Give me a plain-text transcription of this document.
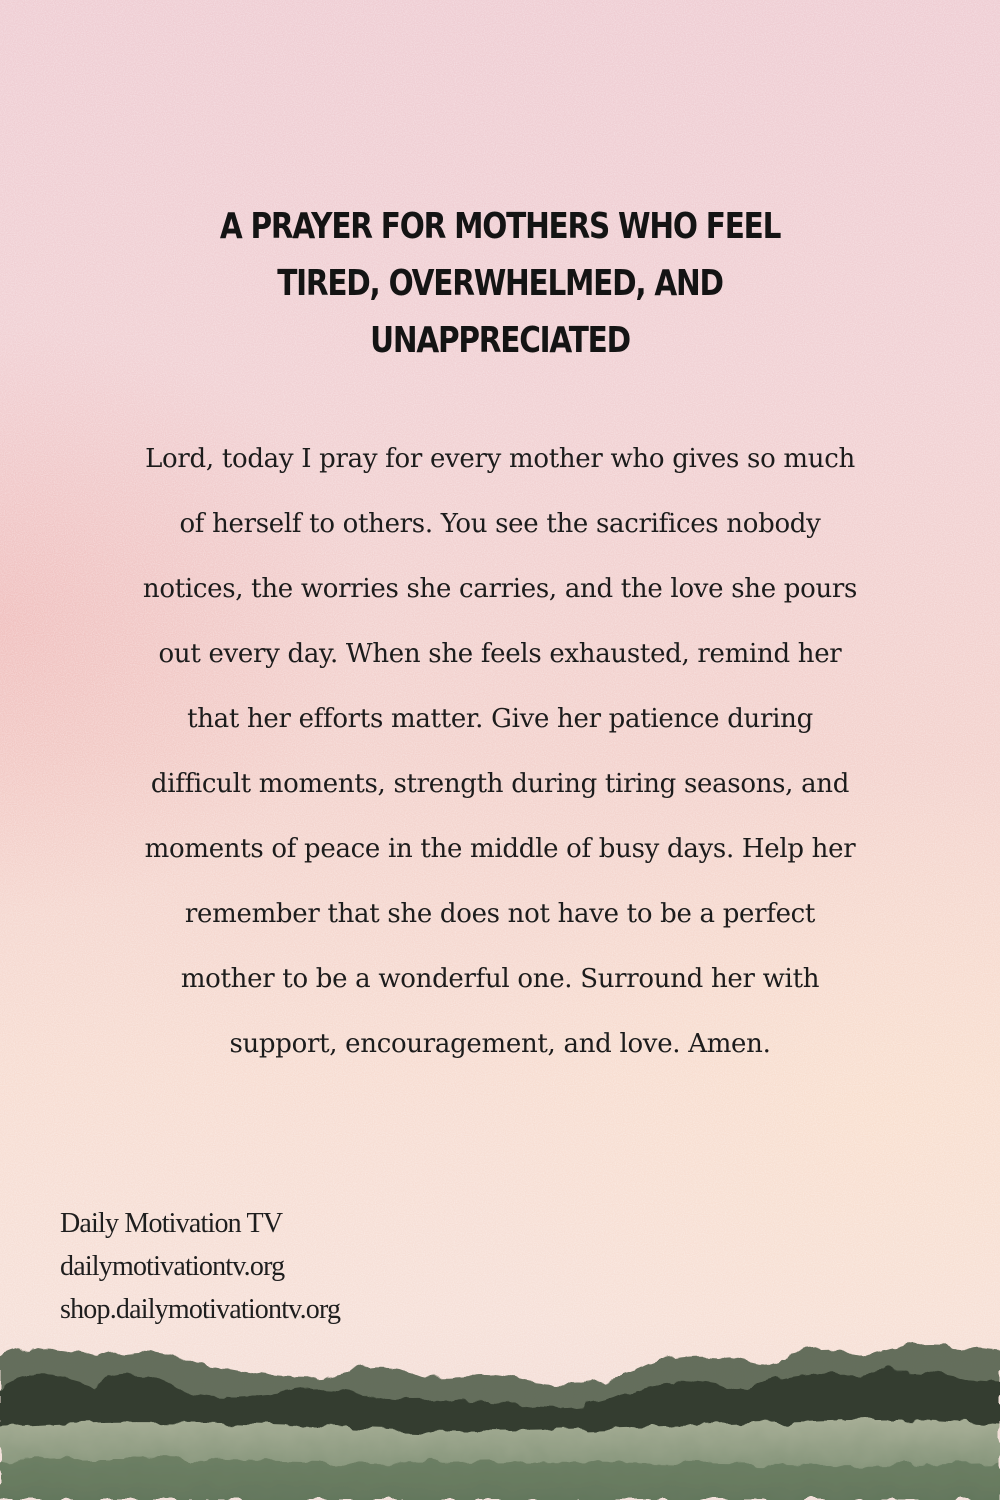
A PRAYER FOR MOTHERS WHO FEEL TIRED, OVERWHELMED, AND UNAPPRECIATED

Lord, today I pray for every mother who gives so much of herself to others. You see the sacrifices nobody notices, the worries she carries, and the love she pours out every day. When she feels exhausted, remind her that her efforts matter. Give her patience during difficult moments, strength during tiring seasons, and moments of peace in the middle of busy days. Help her remember that she does not have to be a perfect mother to be a wonderful one. Surround her with support, encouragement, and love. Amen.

Daily Motivation TV
dailymotivationtv.org
shop.dailymotivationtv.org
